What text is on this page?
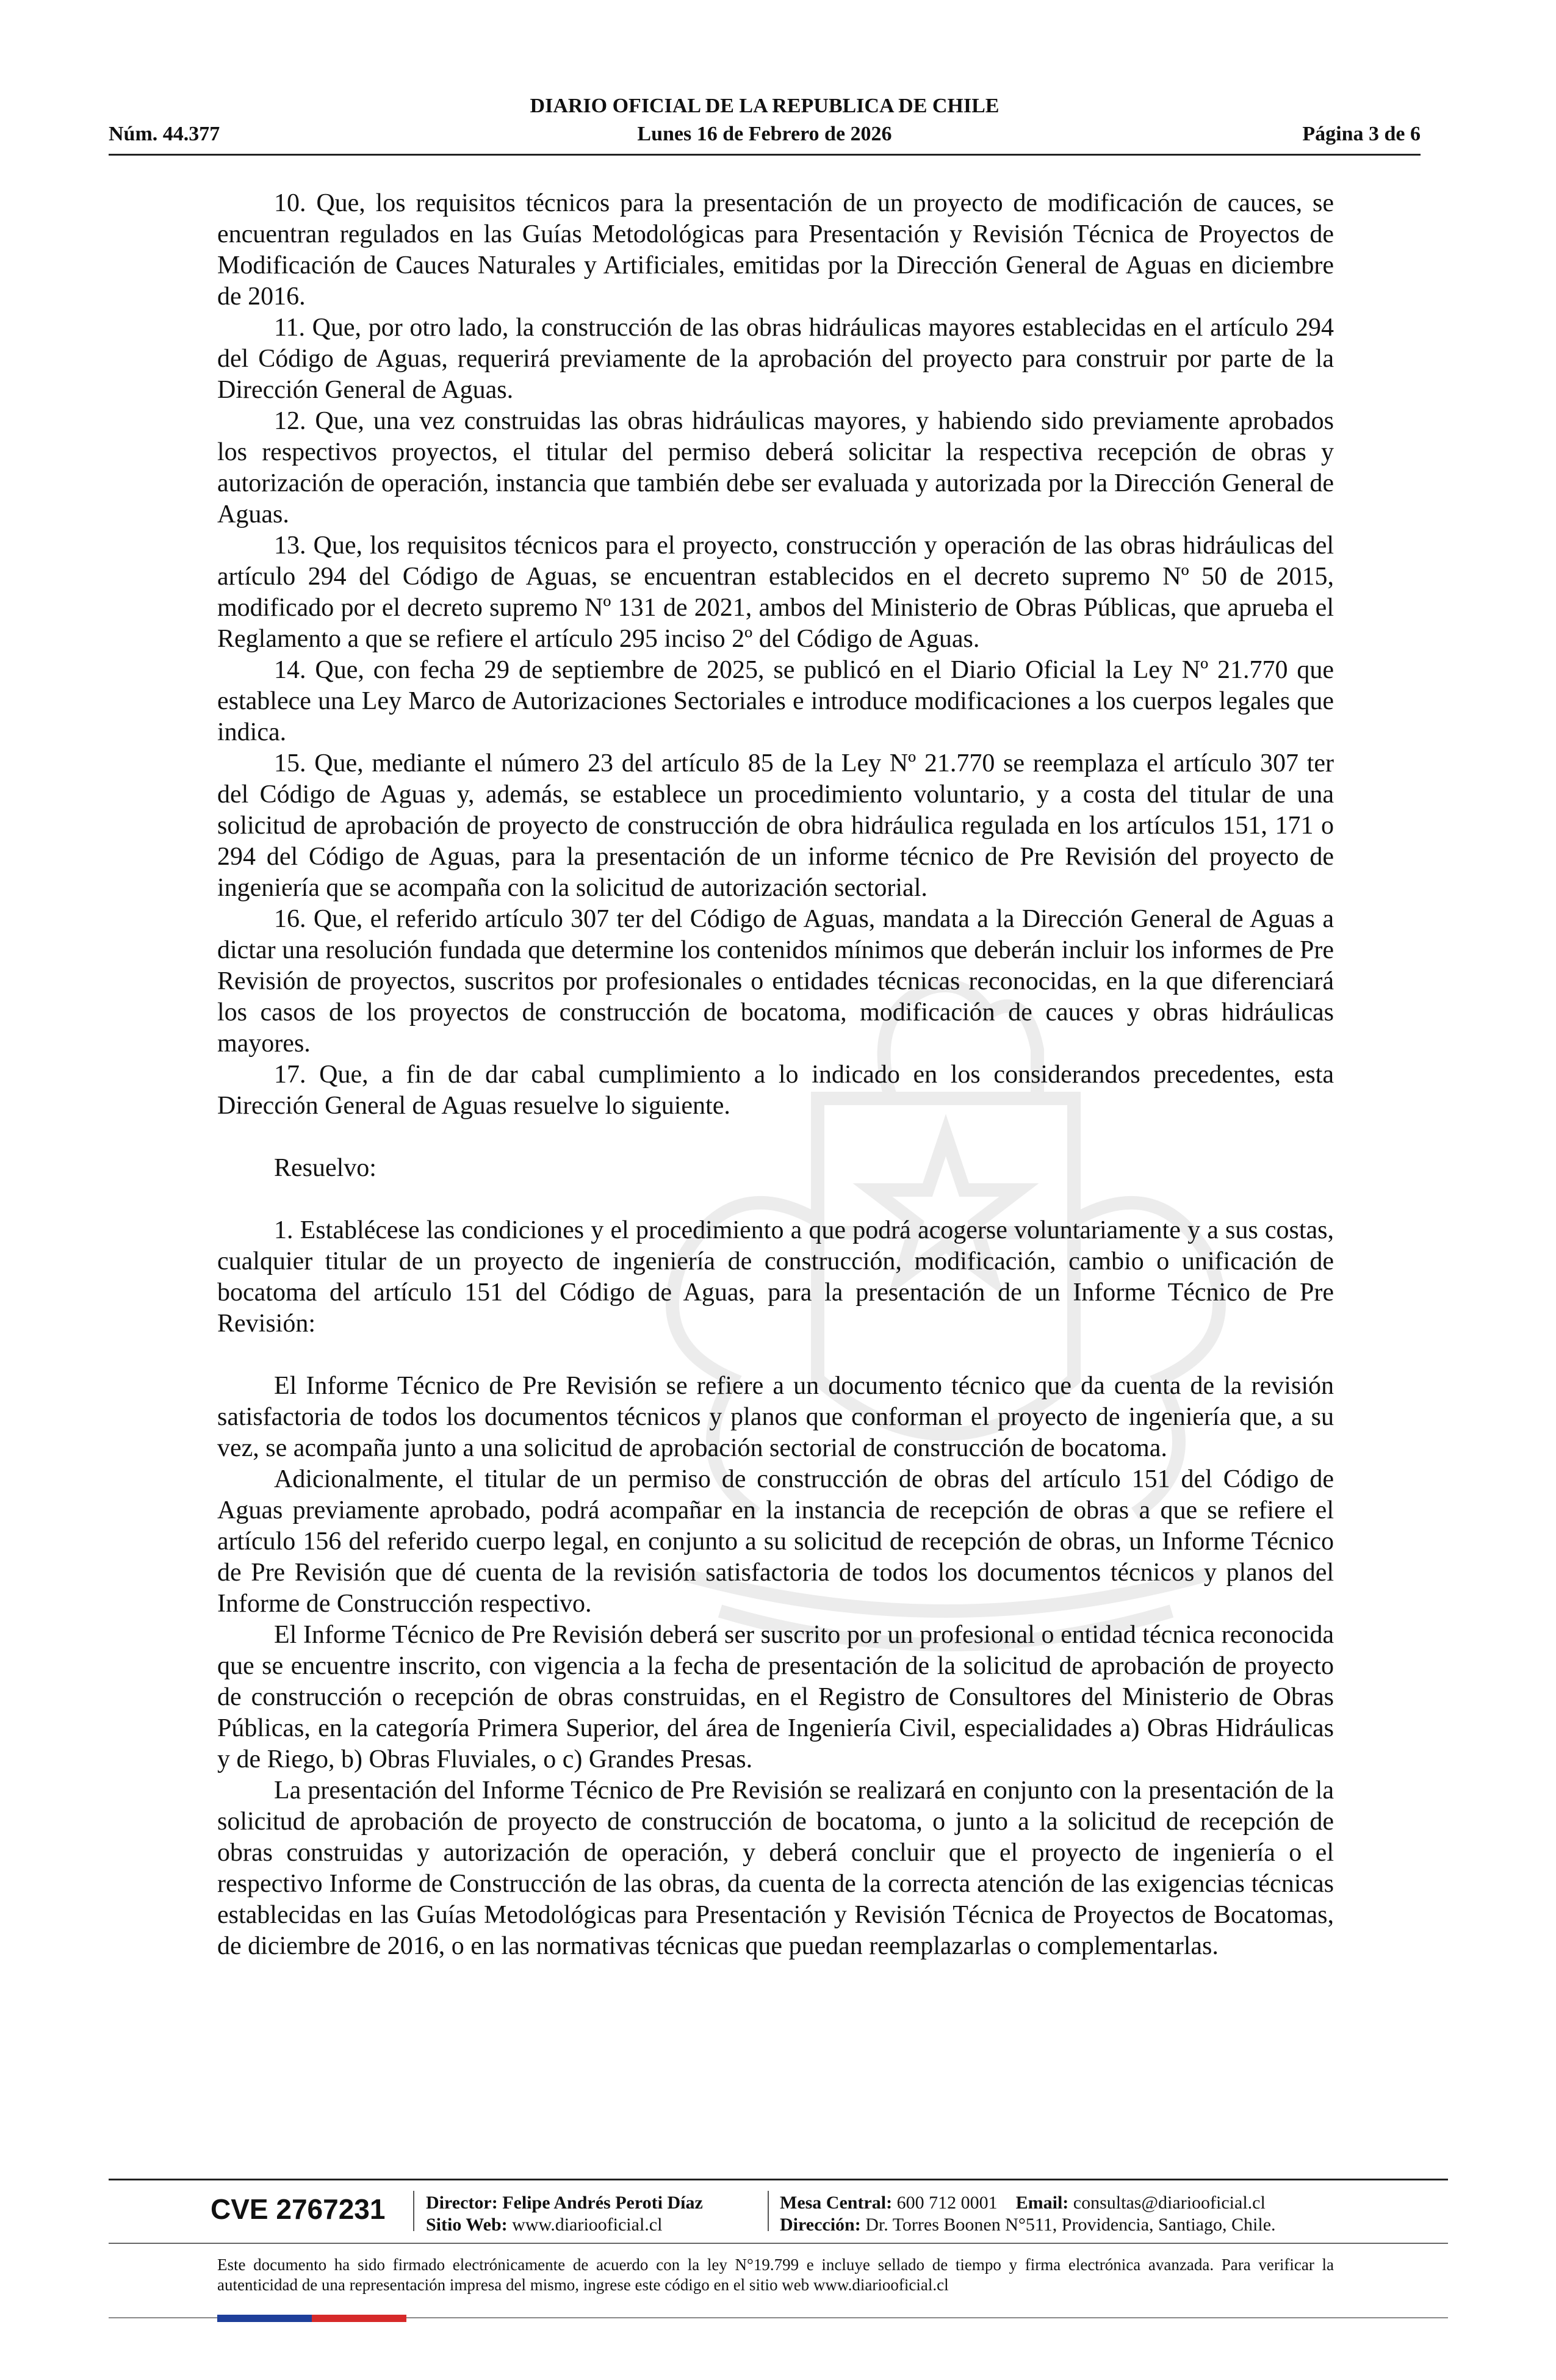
DIARIO OFICIAL DE LA REPUBLICA DE CHILE
Núm. 44.377	Lunes 16 de Febrero de 2026	Página 3 de 6

10. Que, los requisitos técnicos para la presentación de un proyecto de modificación de cauces, se encuentran regulados en las Guías Metodológicas para Presentación y Revisión Técnica de Proyectos de Modificación de Cauces Naturales y Artificiales, emitidas por la Dirección General de Aguas en diciembre de 2016.

11. Que, por otro lado, la construcción de las obras hidráulicas mayores establecidas en el artículo 294 del Código de Aguas, requerirá previamente de la aprobación del proyecto para construir por parte de la Dirección General de Aguas.

12. Que, una vez construidas las obras hidráulicas mayores, y habiendo sido previamente aprobados los respectivos proyectos, el titular del permiso deberá solicitar la respectiva recepción de obras y autorización de operación, instancia que también debe ser evaluada y autorizada por la Dirección General de Aguas.

13. Que, los requisitos técnicos para el proyecto, construcción y operación de las obras hidráulicas del artículo 294 del Código de Aguas, se encuentran establecidos en el decreto supremo Nº 50 de 2015, modificado por el decreto supremo Nº 131 de 2021, ambos del Ministerio de Obras Públicas, que aprueba el Reglamento a que se refiere el artículo 295 inciso 2º del Código de Aguas.

14. Que, con fecha 29 de septiembre de 2025, se publicó en el Diario Oficial la Ley Nº 21.770 que establece una Ley Marco de Autorizaciones Sectoriales e introduce modificaciones a los cuerpos legales que indica.

15. Que, mediante el número 23 del artículo 85 de la Ley Nº 21.770 se reemplaza el artículo 307 ter del Código de Aguas y, además, se establece un procedimiento voluntario, y a costa del titular de una solicitud de aprobación de proyecto de construcción de obra hidráulica regulada en los artículos 151, 171 o 294 del Código de Aguas, para la presentación de un informe técnico de Pre Revisión del proyecto de ingeniería que se acompaña con la solicitud de autorización sectorial.

16. Que, el referido artículo 307 ter del Código de Aguas, mandata a la Dirección General de Aguas a dictar una resolución fundada que determine los contenidos mínimos que deberán incluir los informes de Pre Revisión de proyectos, suscritos por profesionales o entidades técnicas reconocidas, en la que diferenciará los casos de los proyectos de construcción de bocatoma, modificación de cauces y obras hidráulicas mayores.

17. Que, a fin de dar cabal cumplimiento a lo indicado en los considerandos precedentes, esta Dirección General de Aguas resuelve lo siguiente.

Resuelvo:

1. Establécese las condiciones y el procedimiento a que podrá acogerse voluntariamente y a sus costas, cualquier titular de un proyecto de ingeniería de construcción, modificación, cambio o unificación de bocatoma del artículo 151 del Código de Aguas, para la presentación de un Informe Técnico de Pre Revisión:

El Informe Técnico de Pre Revisión se refiere a un documento técnico que da cuenta de la revisión satisfactoria de todos los documentos técnicos y planos que conforman el proyecto de ingeniería que, a su vez, se acompaña junto a una solicitud de aprobación sectorial de construcción de bocatoma.

Adicionalmente, el titular de un permiso de construcción de obras del artículo 151 del Código de Aguas previamente aprobado, podrá acompañar en la instancia de recepción de obras a que se refiere el artículo 156 del referido cuerpo legal, en conjunto a su solicitud de recepción de obras, un Informe Técnico de Pre Revisión que dé cuenta de la revisión satisfactoria de todos los documentos técnicos y planos del Informe de Construcción respectivo.

El Informe Técnico de Pre Revisión deberá ser suscrito por un profesional o entidad técnica reconocida que se encuentre inscrito, con vigencia a la fecha de presentación de la solicitud de aprobación de proyecto de construcción o recepción de obras construidas, en el Registro de Consultores del Ministerio de Obras Públicas, en la categoría Primera Superior, del área de Ingeniería Civil, especialidades a) Obras Hidráulicas y de Riego, b) Obras Fluviales, o c) Grandes Presas.

La presentación del Informe Técnico de Pre Revisión se realizará en conjunto con la presentación de la solicitud de aprobación de proyecto de construcción de bocatoma, o junto a la solicitud de recepción de obras construidas y autorización de operación, y deberá concluir que el proyecto de ingeniería o el respectivo Informe de Construcción de las obras, da cuenta de la correcta atención de las exigencias técnicas establecidas en las Guías Metodológicas para Presentación y Revisión Técnica de Proyectos de Bocatomas, de diciembre de 2016, o en las normativas técnicas que puedan reemplazarlas o complementarlas.

CVE 2767231 Director: Felipe Andrés Peroti Díaz
Sitio Web: www.diariooficial.cl
Mesa Central: 600 712 0001 Email: consultas@diariooficial.cl
Dirección: Dr. Torres Boonen N°511, Providencia, Santiago, Chile.
Este documento ha sido firmado electrónicamente de acuerdo con la ley N°19.799 e incluye sellado de tiempo y firma electrónica avanzada. Para verificar la autenticidad de una representación impresa del mismo, ingrese este código en el sitio web www.diariooficial.cl
